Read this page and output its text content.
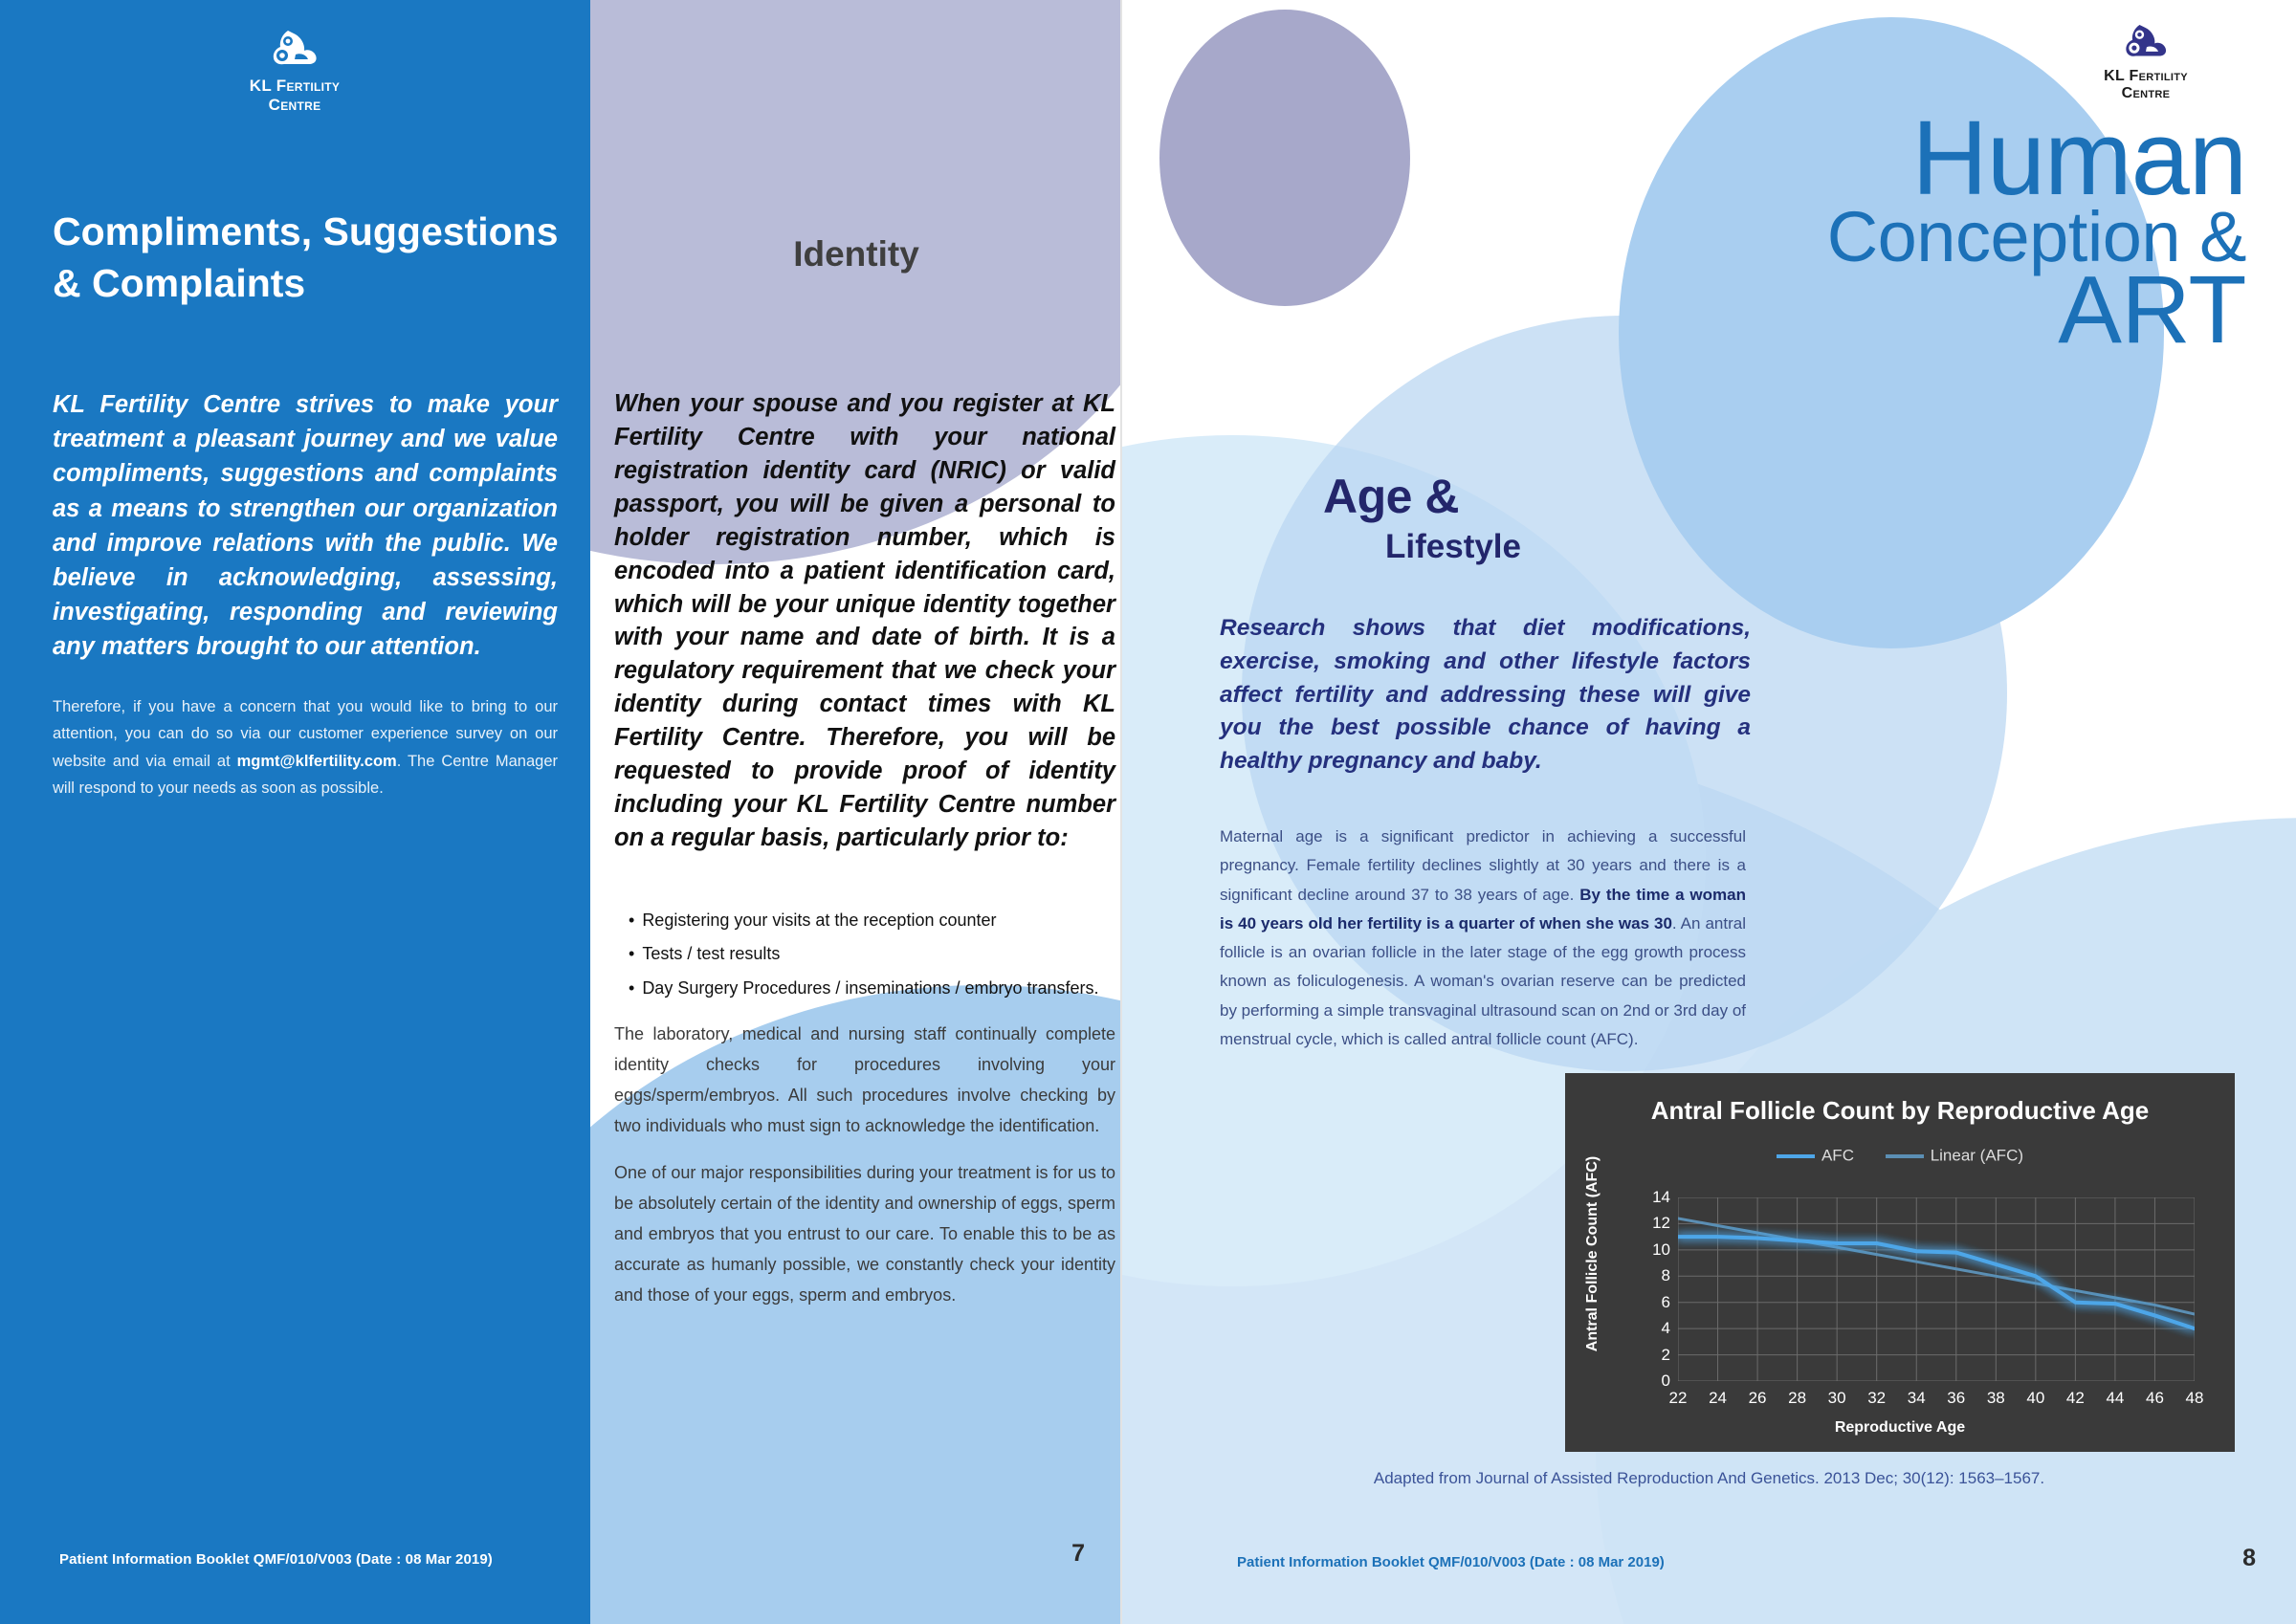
KL Fertility Centre
Compliments, Suggestions
& Complaints
KL Fertility Centre strives to make your treatment a pleasant journey and we value compliments, suggestions and complaints as a means to strengthen our organization and improve relations with the public. We believe in acknowledging, assessing, investigating, responding and reviewing any matters brought to our attention.
Therefore, if you have a concern that you would like to bring to our attention, you can do so via our customer experience survey on our website and via email at mgmt@klfertility.com. The Centre Manager will respond to your needs as soon as possible.
Patient Information Booklet QMF/010/V003 (Date : 08 Mar 2019)
Identity
When your spouse and you register at KL Fertility Centre with your national registration identity card (NRIC) or valid passport, you will be given a personal to holder registration number, which is encoded into a patient identification card, which will be your unique identity together with your name and date of birth. It is a regulatory requirement that we check your identity during contact times with KL Fertility Centre. Therefore, you will be requested to provide proof of identity including your KL Fertility Centre number on a regular basis, particularly prior to:
• Registering your visits at the reception counter
• Tests / test results
• Day Surgery Procedures / inseminations / embryo transfers.
The laboratory, medical and nursing staff continually complete identity checks for procedures involving your eggs/sperm/embryos. All such procedures involve checking by two individuals who must sign to acknowledge the identification.
One of our major responsibilities during your treatment is for us to be absolutely certain of the identity and ownership of eggs, sperm and embryos that you entrust to our care. To enable this to be as accurate as humanly possible, we constantly check your identity and those of your eggs, sperm and embryos.
7
KL Fertility Centre
Human
Conception &
ART
Age &
Lifestyle
Research shows that diet modifications, exercise, smoking and other lifestyle factors affect fertility and addressing these will give you the best possible chance of having a healthy pregnancy and baby.
Maternal age is a significant predictor in achieving a successful pregnancy. Female fertility declines slightly at 30 years and there is a significant decline around 37 to 38 years of age. By the time a woman is 40 years old her fertility is a quarter of when she was 30. An antral follicle is an ovarian follicle in the later stage of the egg growth process known as foliculogenesis. A woman's ovarian reserve can be predicted by performing a simple transvaginal ultrasound scan on 2nd or 3rd day of menstrual cycle, which is called antral follicle count (AFC).
Antral Follicle Count by Reproductive Age
AFC	Linear (AFC)
Antral Follicle Count (AFC)
0
2
4
6
8
10
12
14
22 24 26 28 30 32 34 36 38 40 42 44 46 48
Reproductive Age
Adapted from Journal of Assisted Reproduction And Genetics. 2013 Dec; 30(12): 1563–1567.
Patient Information Booklet QMF/010/V003 (Date : 08 Mar 2019)	8
